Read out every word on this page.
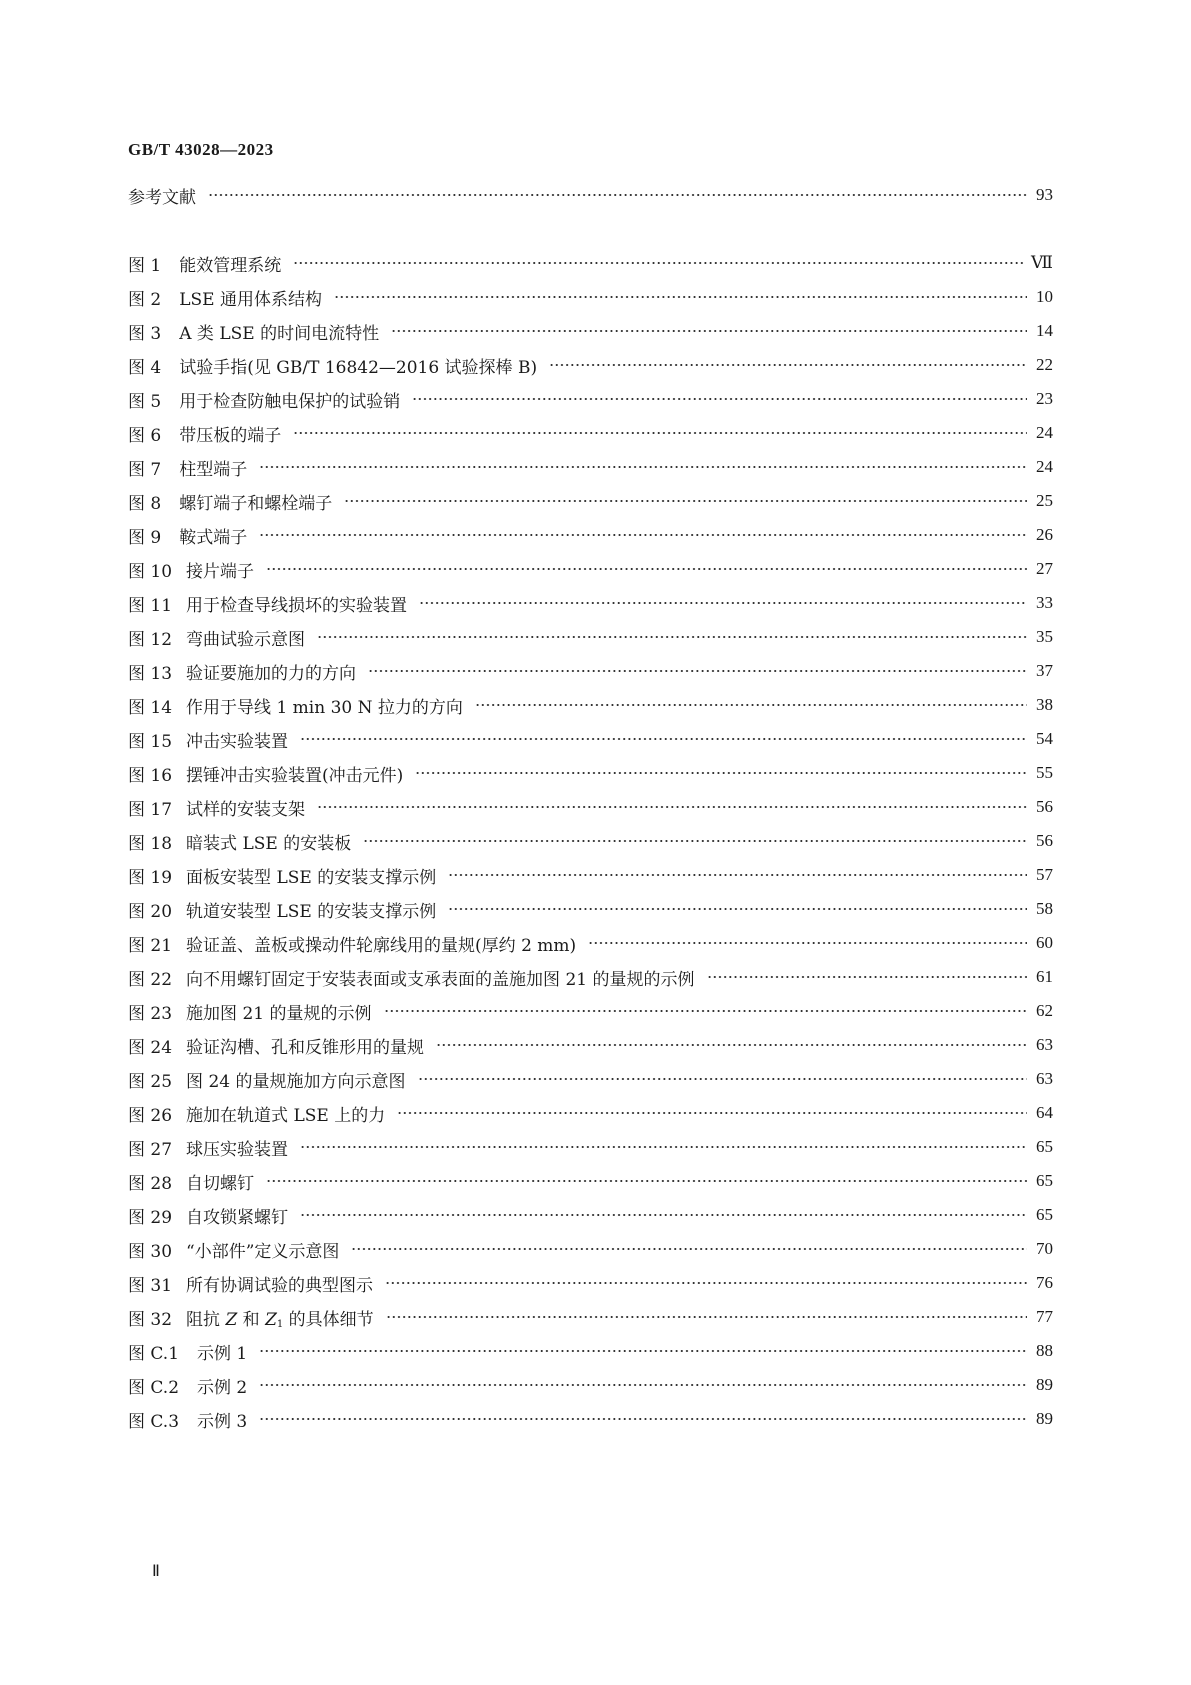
GB/T 43028—2023
参考文献	93
图 1 能效管理系统	Ⅶ
图 2 LSE 通用体系结构	10
图 3 A 类 LSE 的时间电流特性	14
图 4 试验手指(见 GB/T 16842—2016 试验探棒 B)	22
图 5 用于检查防触电保护的试验销	23
图 6 带压板的端子	24
图 7 柱型端子	24
图 8 螺钉端子和螺栓端子	25
图 9 鞍式端子	26
图 10 接片端子	27
图 11 用于检查导线损坏的实验装置	33
图 12 弯曲试验示意图	35
图 13 验证要施加的力的方向	37
图 14 作用于导线 1 min 30 N 拉力的方向	38
图 15 冲击实验装置	54
图 16 摆锤冲击实验装置(冲击元件)	55
图 17 试样的安装支架	56
图 18 暗装式 LSE 的安装板	56
图 19 面板安装型 LSE 的安装支撑示例	57
图 20 轨道安装型 LSE 的安装支撑示例	58
图 21 验证盖、盖板或操动件轮廓线用的量规(厚约 2 mm)	60
图 22 向不用螺钉固定于安装表面或支承表面的盖施加图 21 的量规的示例	61
图 23 施加图 21 的量规的示例	62
图 24 验证沟槽、孔和反锥形用的量规	63
图 25 图 24 的量规施加方向示意图	63
图 26 施加在轨道式 LSE 上的力	64
图 27 球压实验装置	65
图 28 自切螺钉	65
图 29 自攻锁紧螺钉	65
图 30 “小部件”定义示意图	70
图 31 所有协调试验的典型图示	76
图 32 阻抗 Z 和 $Z_1$ 的具体细节	77
图 C.1 示例 1	88
图 C.2 示例 2	89
图 C.3 示例 3	89
Ⅱ
